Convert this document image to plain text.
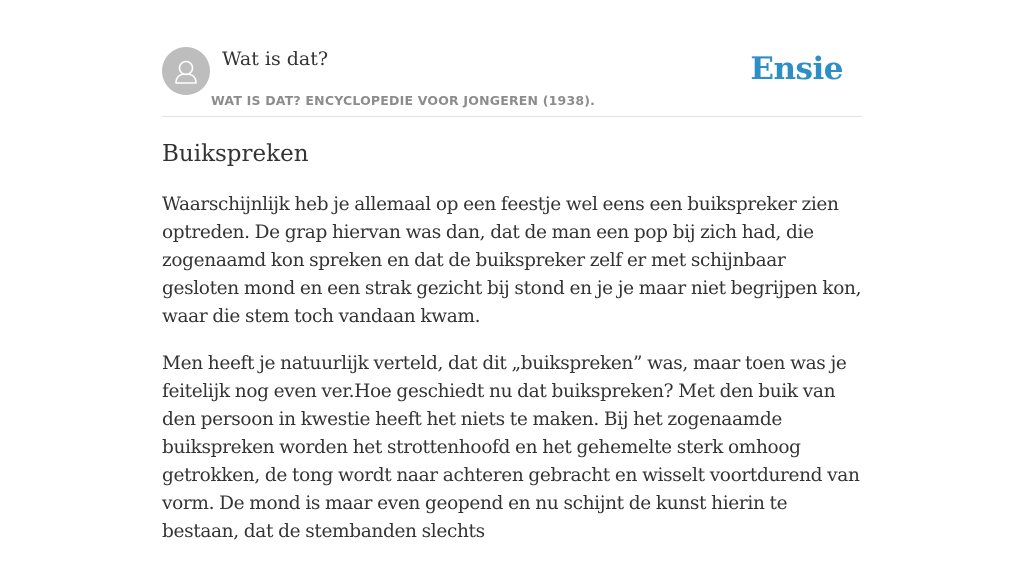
Wat is dat?
WAT IS DAT? ENCYCLOPEDIE VOOR JONGEREN (1938).
Ensie
Buikspreken

Waarschijnlijk heb je allemaal op een feestje wel eens een buikspreker zien optreden. De grap hiervan was dan, dat de man een pop bij zich had, die zogenaamd kon spreken en dat de buikspreker zelf er met schijnbaar gesloten mond en een strak gezicht bij stond en je je maar niet begrijpen kon, waar die stem toch vandaan kwam.

Men heeft je natuurlijk verteld, dat dit „buikspreken” was, maar toen was je feitelijk nog even ver.Hoe geschiedt nu dat buikspreken? Met den buik van den persoon in kwestie heeft het niets te maken. Bij het zogenaamde buikspreken worden het strottenhoofd en het gehemelte sterk omhoog getrokken, de tong wordt naar achteren gebracht en wisselt voortdurend van vorm. De mond is maar even geopend en nu schijnt de kunst hierin te bestaan, dat de stembanden slechts
